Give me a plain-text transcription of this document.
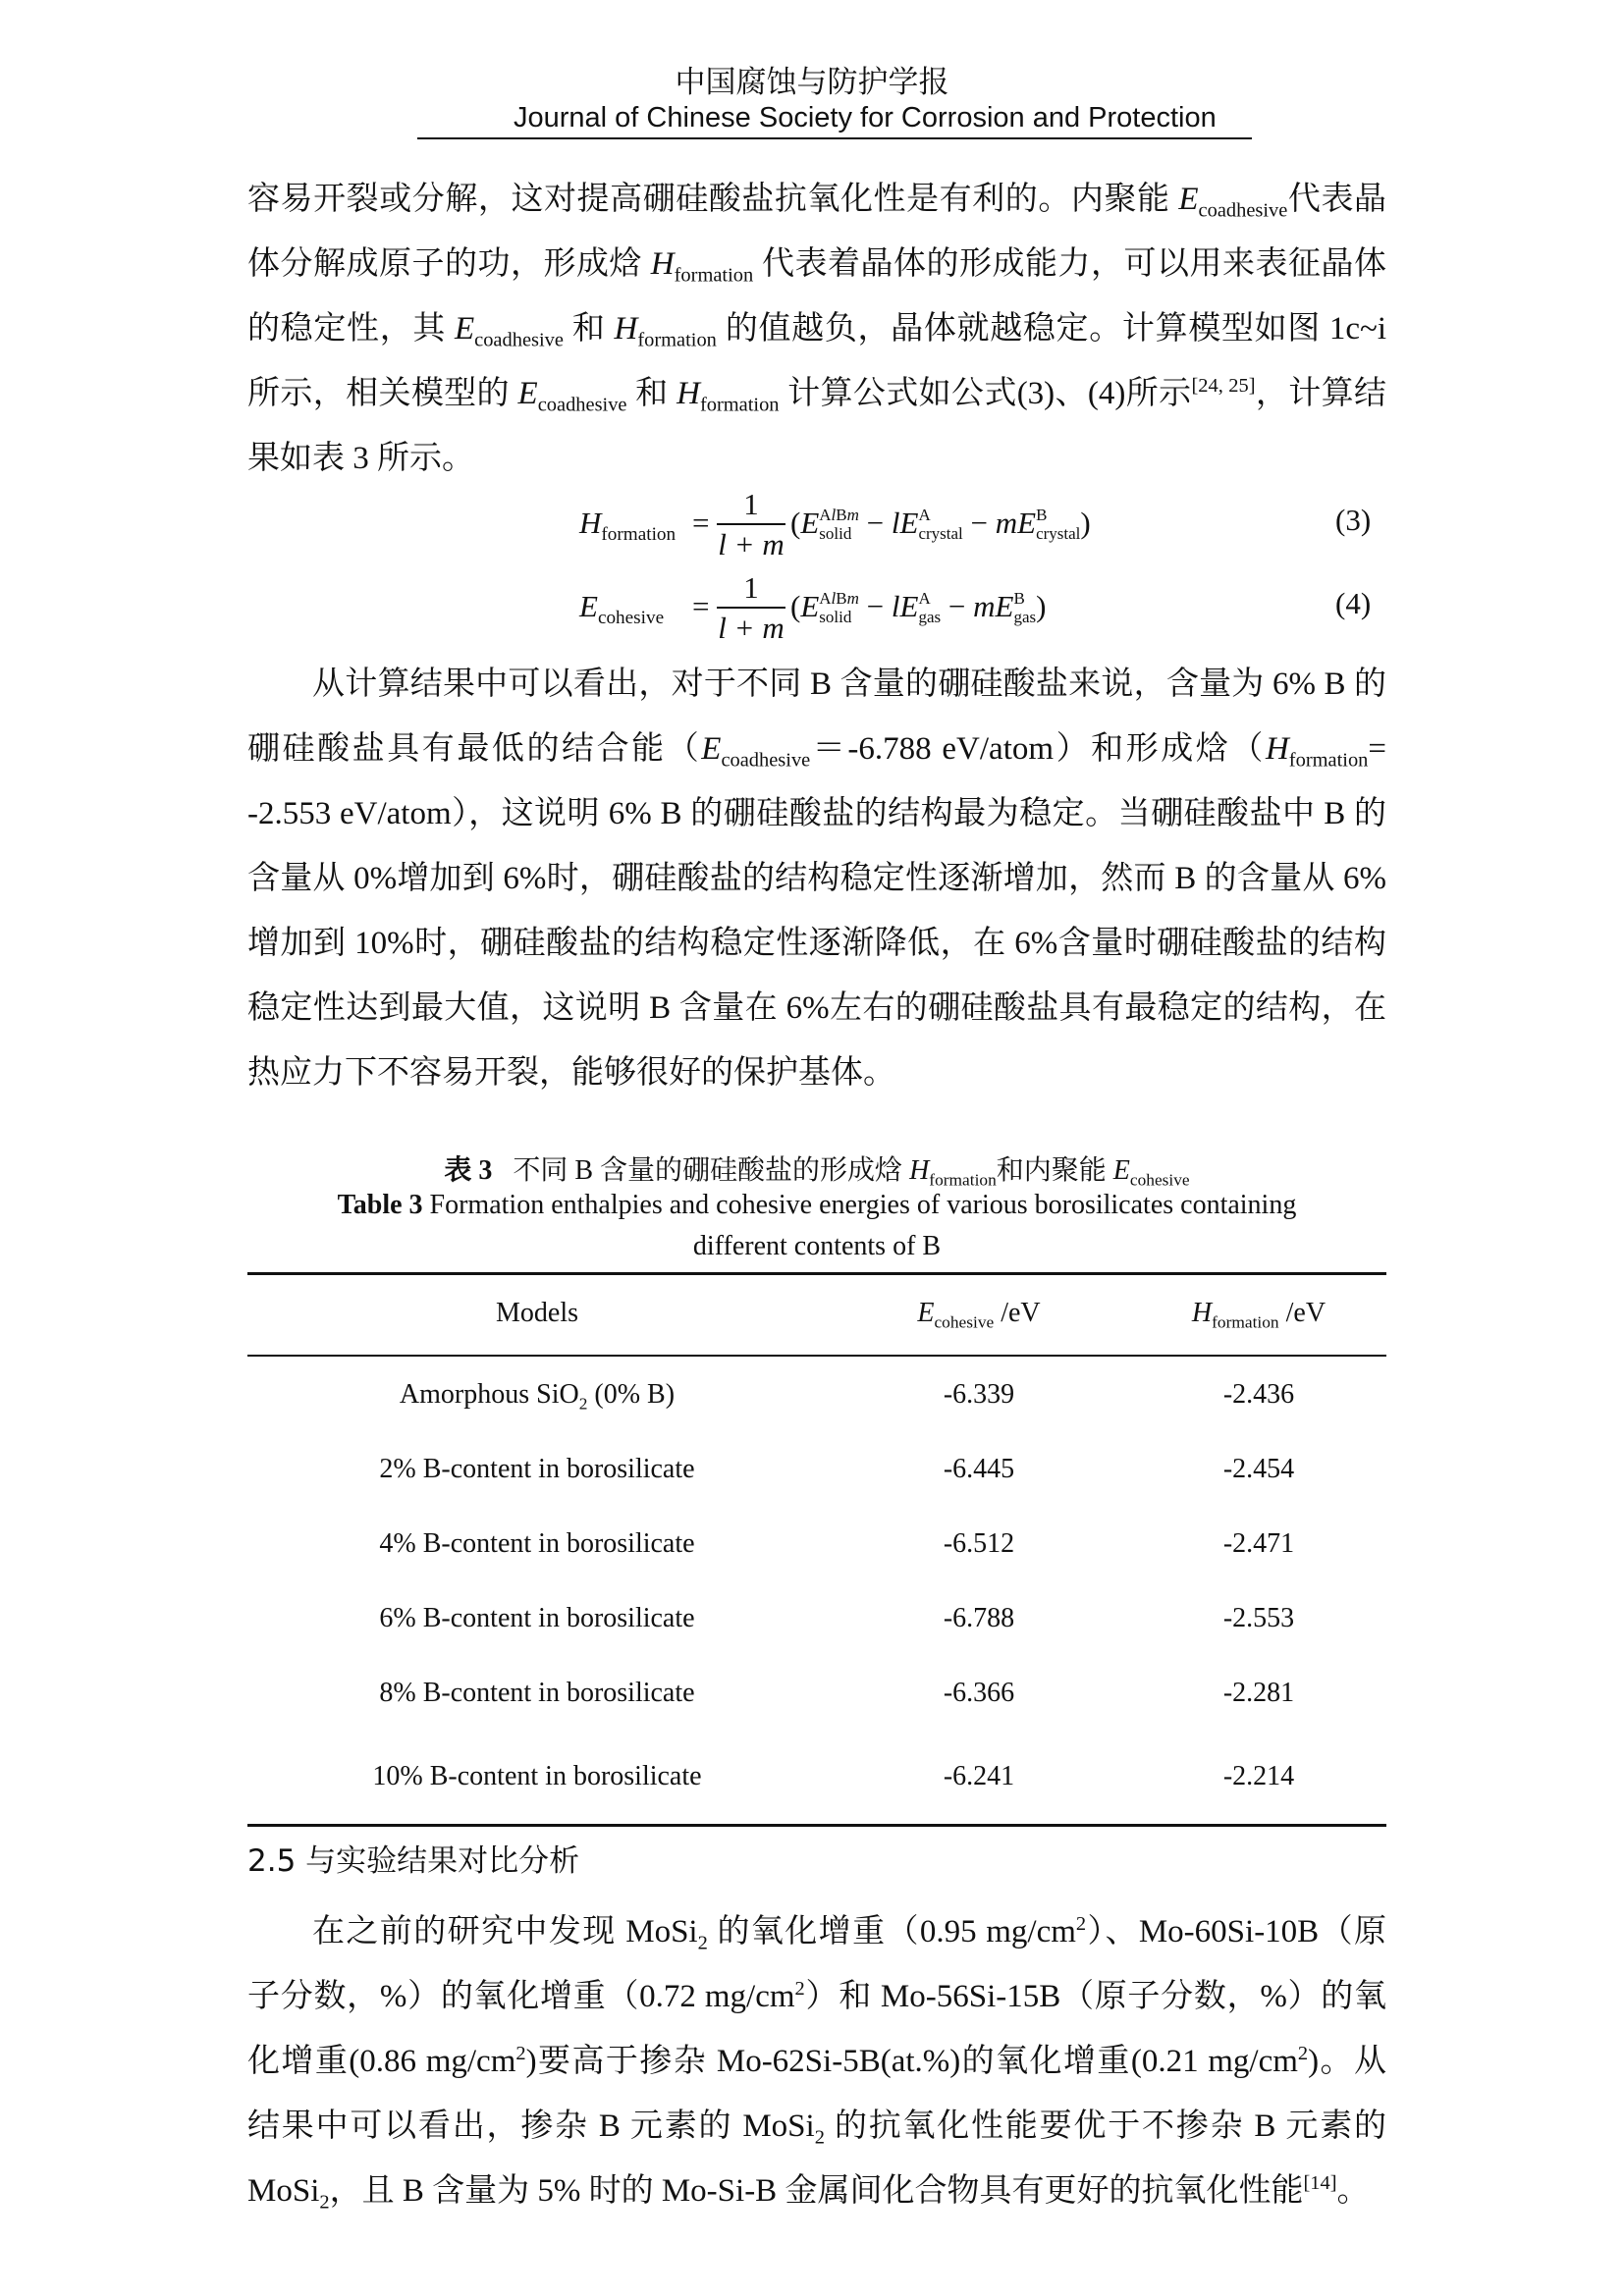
中国腐蚀与防护学报
Journal of Chinese Society for Corrosion and Protection

容易开裂或分解，这对提高硼硅酸盐抗氧化性是有利的。内聚能 $E_{coadhesive}$代表晶体分解成原子的功，形成焓 $H_{formation}$ 代表着晶体的形成能力，可以用来表征晶体的稳定性，其 $E_{coadhesive}$ 和 $H_{formation}$ 的值越负，晶体就越稳定。计算模型如图 1c~i 所示，相关模型的 $E_{coadhesive}$ 和 $H_{formation}$ 计算公式如公式(3)、(4)所示[24, 25]，计算结果如表 3 所示。

$H_{formation} = \frac{1}{l + m} (E$ AlBm
solid − lE A
crystal − mE B
crystal )	(3)
$E_{cohesive} = \frac{1}{l + m} (E$ AlBm
solid − lE A
gas − mE B
gas )	(4)

从计算结果中可以看出，对于不同 B 含量的硼硅酸盐来说，含量为 6% B 的硼硅酸盐具有最低的结合能（$E_{coadhesive}=-6.788$ eV/atom）和形成焓（$H_{formation}= -2.553$ eV/atom），这说明 6% B 的硼硅酸盐的结构最为稳定。当硼硅酸盐中 B 的含量从 0%增加到 6%时，硼硅酸盐的结构稳定性逐渐增加，然而 B 的含量从 6%增加到 10%时，硼硅酸盐的结构稳定性逐渐降低，在 6%含量时硼硅酸盐的结构稳定性达到最大值，这说明 B 含量在 6%左右的硼硅酸盐具有最稳定的结构，在热应力下不容易开裂，能够很好的保护基体。

表 3 不同 B 含量的硼硅酸盐的形成焓 $H_{formation}$和内聚能 $E_{cohesive}$

Table 3 Formation enthalpies and cohesive energies of various borosilicates containing

different contents of B

Models	$E_{cohesive}$ /eV	$H_{formation}$ /eV
Amorphous SiO$_2$ (0% B)	-6.339	-2.436
2% B-content in borosilicate	-6.445	-2.454
4% B-content in borosilicate	-6.512	-2.471
6% B-content in borosilicate	-6.788	-2.553
8% B-content in borosilicate	-6.366	-2.281
10% B-content in borosilicate	-6.241	-2.214
2.5 与实验结果对比分析

在之前的研究中发现 MoSi$_2$ 的氧化增重（0.95 $mg/cm^2$）、Mo-60Si-10B（原子分数，%）的氧化增重（0.72 $mg/cm^2$）和 Mo-56Si-15B（原子分数，%）的氧化增重(0.86 $mg/cm^2$)要高于掺杂 Mo-62Si-5B(at.%)的氧化增重(0.21 $mg/cm^2$)。从结果中可以看出，掺杂 B 元素的 MoSi$_2$ 的抗氧化性能要优于不掺杂 B 元素的 MoSi$_2$，且 B 含量为 5% 时的 Mo-Si-B 金属间化合物具有更好的抗氧化性能[14]。
